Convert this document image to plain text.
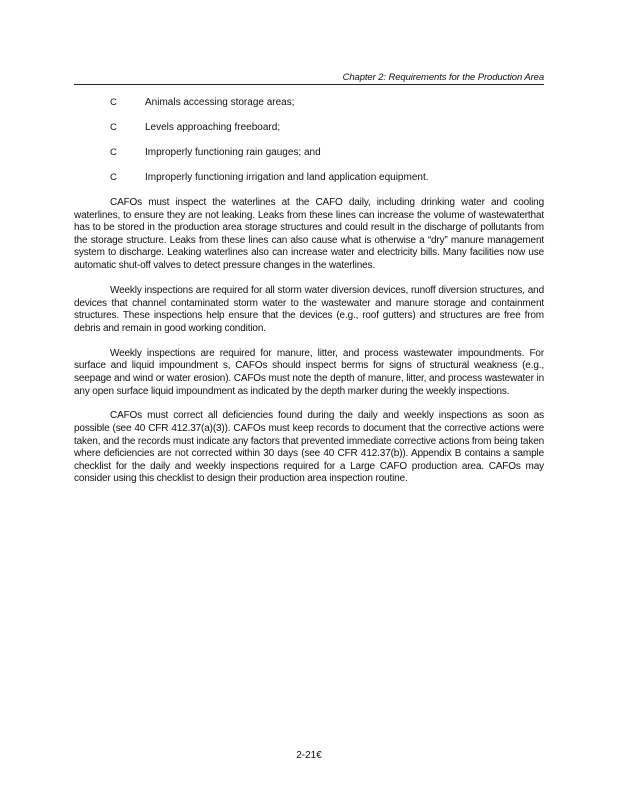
Chapter 2: Requirements for the Production Area
C	Animals accessing storage areas;
C	Levels approaching freeboard;
C	Improperly functioning rain gauges; and
C	Improperly functioning irrigation and land application equipment.

CAFOs must inspect the waterlines at the CAFO daily, including drinking water and cooling waterlines, to ensure they are not leaking. Leaks from these lines can increase the volume of wastewaterthat has to be stored in the production area storage structures and could result in the discharge of pollutants from the storage structure. Leaks from these lines can also cause what is otherwise a “dry” manure management system to discharge. Leaking waterlines also can increase water and electricity bills. Many facilities now use automatic shut-off valves to detect pressure changes in the waterlines.

Weekly inspections are required for all storm water diversion devices, runoff diversion structures, and devices that channel contaminated storm water to the wastewater and manure storage and containment structures. These inspections help ensure that the devices (e.g., roof gutters) and structures are free from debris and remain in good working condition.

Weekly inspections are required for manure, litter, and process wastewater impoundments. For surface and liquid impoundment s, CAFOs should inspect berms for signs of structural weakness (e.g., seepage and wind or water erosion). CAFOs must note the depth of manure, litter, and process wastewater in any open surface liquid impoundment as indicated by the depth marker during the weekly inspections.

CAFOs must correct all deficiencies found during the daily and weekly inspections as soon as possible (see 40 CFR 412.37(a)(3)). CAFOs must keep records to document that the corrective actions were taken, and the records must indicate any factors that prevented immediate corrective actions from being taken where deficiencies are not corrected within 30 days (see 40 CFR 412.37(b)). Appendix B contains a sample checklist for the daily and weekly inspections required for a Large CAFO production area. CAFOs may consider using this checklist to design their production area inspection routine.

2-21€
